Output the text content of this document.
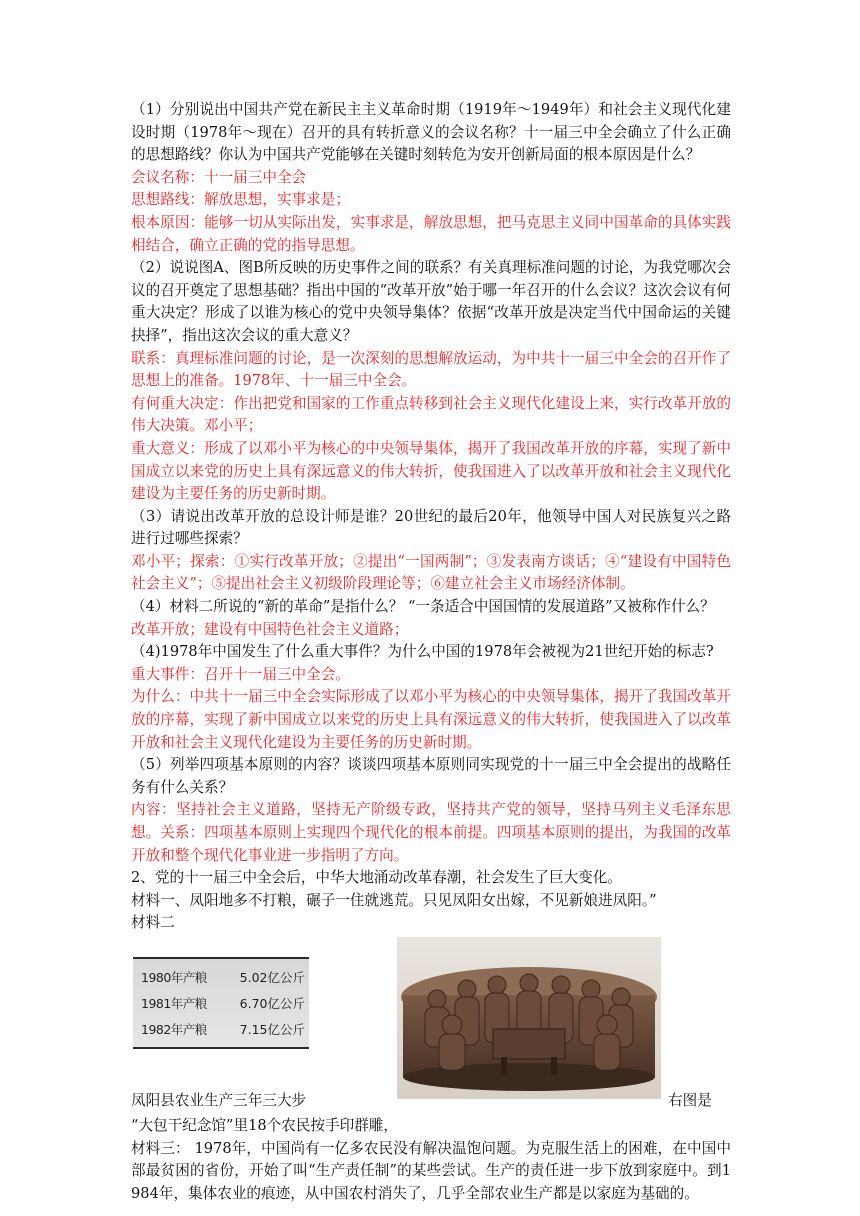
（1）分别说出中国共产党在新民主主义革命时期（1919年～1949年）和社会主义现代化建设时期（1978年～现在）召开的具有转折意义的会议名称？十一届三中全会确立了什么正确的思想路线？你认为中国共产党能够在关键时刻转危为安开创新局面的根本原因是什么？

会议名称：十一届三中全会

思想路线：解放思想，实事求是；

根本原因：能够一切从实际出发，实事求是，解放思想，把马克思主义同中国革命的具体实践相结合，确立正确的党的指导思想。

（2）说说图A、图B所反映的历史事件之间的联系？有关真理标准问题的讨论，为我党哪次会议的召开奠定了思想基础？指出中国的“改革开放”始于哪一年召开的什么会议？这次会议有何重大决定？形成了以谁为核心的党中央领导集体？依据“改革开放是决定当代中国命运的关键抉择”，指出这次会议的重大意义？

联系：真理标准问题的讨论，是一次深刻的思想解放运动，为中共十一届三中全会的召开作了思想上的准备。1978年、十一届三中全会。

有何重大决定：作出把党和国家的工作重点转移到社会主义现代化建设上来，实行改革开放的伟大决策。邓小平；

重大意义：形成了以邓小平为核心的中央领导集体，揭开了我国改革开放的序幕，实现了新中国成立以来党的历史上具有深远意义的伟大转折，使我国进入了以改革开放和社会主义现代化建设为主要任务的历史新时期。

（3）请说出改革开放的总设计师是谁？20世纪的最后20年，他领导中国人对民族复兴之路进行过哪些探索？

邓小平；探索：①实行改革开放；②提出“一国两制”；③发表南方谈话；④“建设有中国特色社会主义”；⑤提出社会主义初级阶段理论等；⑥建立社会主义市场经济体制。

（4）材料二所说的“新的革命”是指什么？ “一条适合中国国情的发展道路”又被称作什么？

改革开放；建设有中国特色社会主义道路；

（4)1978年中国发生了什么重大事件？为什么中国的1978年会被视为21世纪开始的标志?

重大事件：召开十一届三中全会。

为什么：中共十一届三中全会实际形成了以邓小平为核心的中央领导集体，揭开了我国改革开放的序幕，实现了新中国成立以来党的历史上具有深远意义的伟大转折，使我国进入了以改革开放和社会主义现代化建设为主要任务的历史新时期。

（5）列举四项基本原则的内容？谈谈四项基本原则同实现党的十一届三中全会提出的战略任务有什么关系？

内容：坚持社会主义道路，坚持无产阶级专政，坚持共产党的领导，坚持马列主义毛泽东思想。关系：四项基本原则上实现四个现代化的根本前提。四项基本原则的提出，为我国的改革开放和整个现代化事业进一步指明了方向。

2、党的十一届三中全会后，中华大地涌动改革春潮，社会发生了巨大变化。

材料一、凤阳地多不打粮，碾子一住就逃荒。只见凤阳女出嫁，不见新娘进凤阳。”

材料二

1980年产粮	5.02亿公斤
1981年产粮	6.70亿公斤
1982年产粮	7.15亿公斤
凤阳县农业生产三年三大步	右图是

“大包干纪念馆”里18个农民按手印群雕，

材料三： 1978年，中国尚有一亿多农民没有解决温饱问题。为克服生活上的困难，在中国中部最贫困的省份，开始了叫“生产责任制”的某些尝试。生产的责任进一步下放到家庭中。到1984年，集体农业的痕迹，从中国农村消失了，几乎全部农业生产都是以家庭为基础的。
